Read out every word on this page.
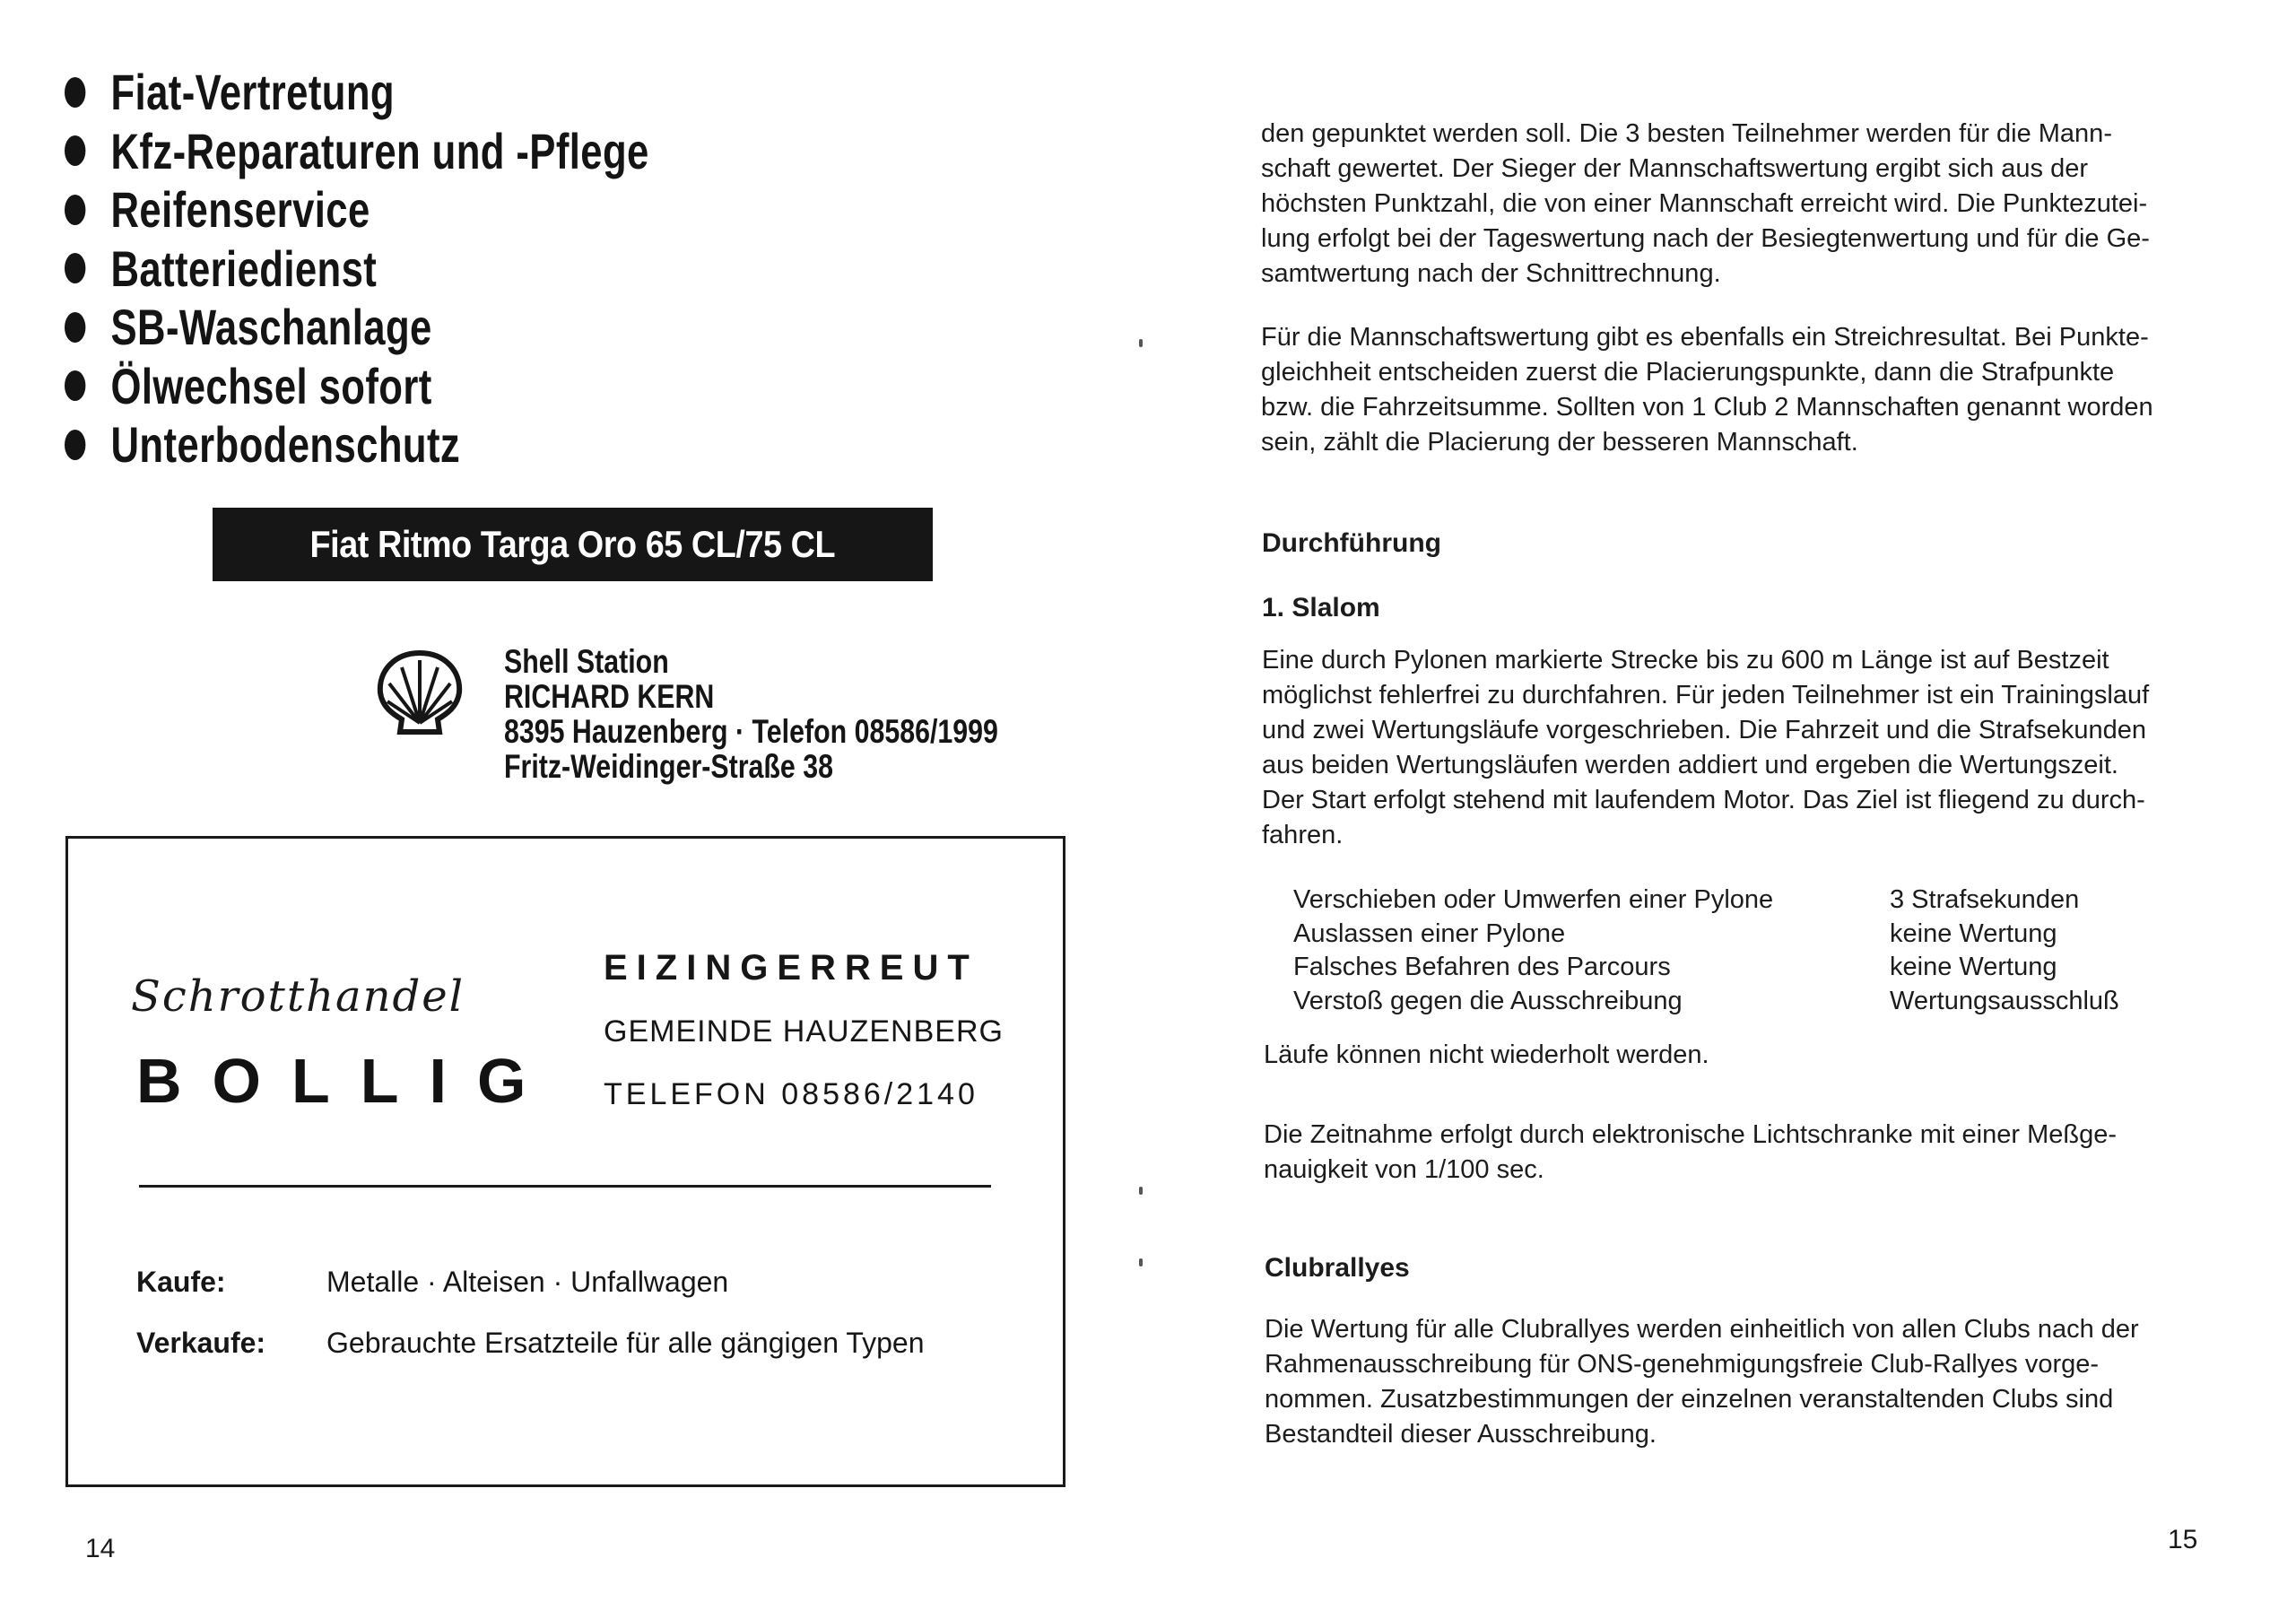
Fiat-Vertretung
Kfz-Reparaturen und -Pflege
Reifenservice
Batteriedienst
SB-Waschanlage
Ölwechsel sofort
Unterbodenschutz
Fiat Ritmo Targa Oro 65 CL/75 CL
Shell Station
RICHARD KERN
8395 Hauzenberg · Telefon 08586/1999
Fritz-Weidinger-Straße 38
Schrotthandel
BOLLIG
EIZINGERREUT
GEMEINDE HAUZENBERG
TELEFON 08586/2140
Kaufe:	Metalle · Alteisen · Unfallwagen
Verkaufe: Gebrauchte Ersatzteile für alle gängigen Typen
14

den gepunktet werden soll. Die 3 besten Teilnehmer werden für die Mann-

schaft gewertet. Der Sieger der Mannschaftswertung ergibt sich aus der

höchsten Punktzahl, die von einer Mannschaft erreicht wird. Die Punktezutei-

lung erfolgt bei der Tageswertung nach der Besiegtenwertung und für die Ge-

samtwertung nach der Schnittrechnung.

Für die Mannschaftswertung gibt es ebenfalls ein Streichresultat. Bei Punkte-

gleichheit entscheiden zuerst die Placierungspunkte, dann die Strafpunkte

bzw. die Fahrzeitsumme. Sollten von 1 Club 2 Mannschaften genannt worden

sein, zählt die Placierung der besseren Mannschaft.

Durchführung
1. Slalom

Eine durch Pylonen markierte Strecke bis zu 600 m Länge ist auf Bestzeit

möglichst fehlerfrei zu durchfahren. Für jeden Teilnehmer ist ein Trainingslauf

und zwei Wertungsläufe vorgeschrieben. Die Fahrzeit und die Strafsekunden

aus beiden Wertungsläufen werden addiert und ergeben die Wertungszeit.

Der Start erfolgt stehend mit laufendem Motor. Das Ziel ist fliegend zu durch-

fahren.

Verschieben oder Umwerfen einer Pylone	3 Strafsekunden
Auslassen einer Pylone	keine Wertung
Falsches Befahren des Parcours	keine Wertung
Verstoß gegen die Ausschreibung	Wertungsausschluß
Läufe können nicht wiederholt werden.

Die Zeitnahme erfolgt durch elektronische Lichtschranke mit einer Meßge-

nauigkeit von 1/100 sec.

Clubrallyes

Die Wertung für alle Clubrallyes werden einheitlich von allen Clubs nach der

Rahmenausschreibung für ONS-genehmigungsfreie Club-Rallyes vorge-

nommen. Zusatzbestimmungen der einzelnen veranstaltenden Clubs sind

Bestandteil dieser Ausschreibung.

15
